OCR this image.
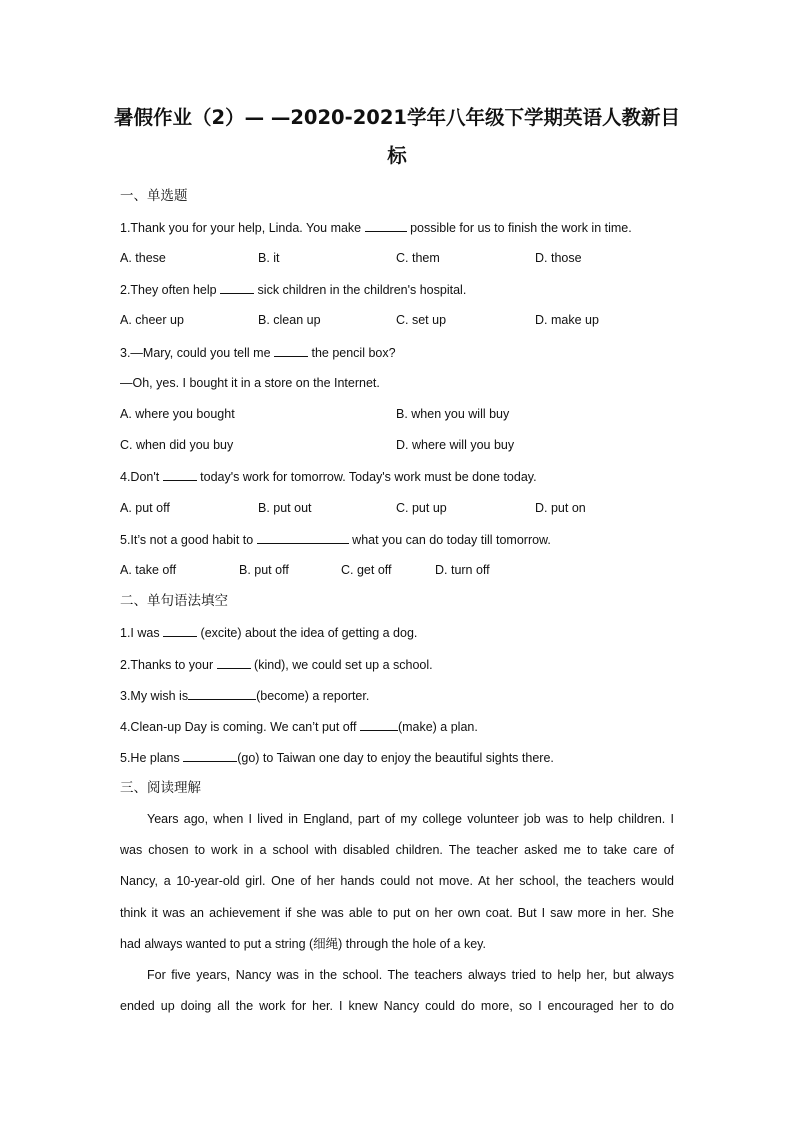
暑假作业（2）— —2020-2021学年八年级下学期英语人教新目
标
一、单选题
1.Thank you for your help, Linda. You make	possible for us to finish the work in time.
A. these	B. it	C. them	D. those
2.They often help	sick children in the children's hospital.
A. cheer up	B. clean up	C. set up	D. make up
3.—Mary, could you tell me	the pencil box?
—Oh, yes. I bought it in a store on the Internet.
A. where you bought	B. when you will buy
C. when did you buy	D. where will you buy
4.Don't	today's work for tomorrow. Today's work must be done today.
A. put off	B. put out	C. put up	D. put on
5.It’s not a good habit to	what you can do today till tomorrow.
A. take off	B. put off	C. get off	D. turn off
二、单句语法填空
1.I was	(excite) about the idea of getting a dog.
2.Thanks to your	(kind), we could set up a school.
3.My wish is	(become) a reporter.
4.Clean-up Day is coming. We can’t put off	(make) a plan.
5.He plans	(go) to Taiwan one day to enjoy the beautiful sights there.
三、阅读理解
Years ago, when I lived in England, part of my college volunteer job was to help children. I
was chosen to work in a school with disabled children. The teacher asked me to take care of
Nancy, a 10-year-old girl. One of her hands could not move. At her school, the teachers would
think it was an achievement if she was able to put on her own coat. But I saw more in her. She
had always wanted to put a string (细绳) through the hole of a key.
For five years, Nancy was in the school. The teachers always tried to help her, but always
ended up doing all the work for her. I knew Nancy could do more, so I encouraged her to do
